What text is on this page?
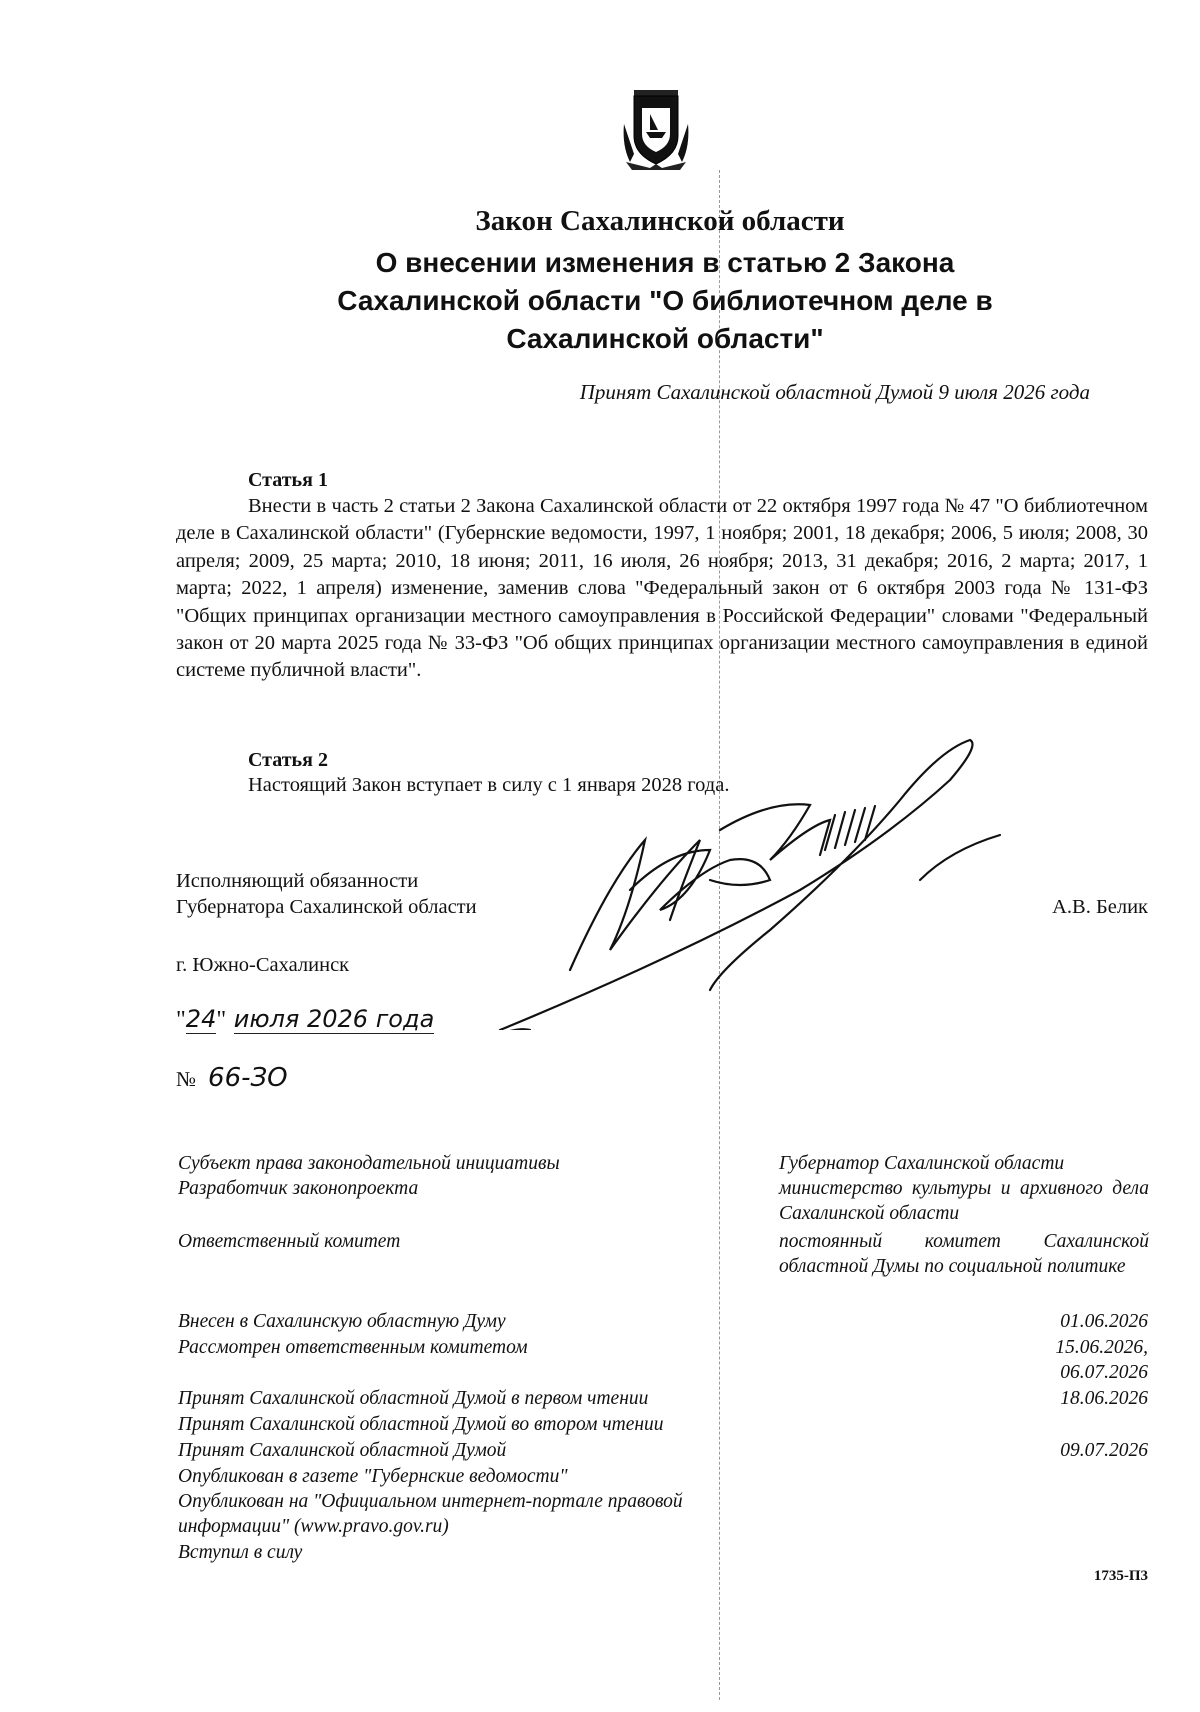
Закон Сахалинской области
О внесении изменения в статью 2 Закона
Сахалинской области "О библиотечном деле в
Сахалинской области"
Принят Сахалинской областной Думой 9 июля 2026 года
Статья 1
Внести в часть 2 статьи 2 Закона Сахалинской области от 22 октября 1997 года № 47 "О библиотечном деле в Сахалинской области" (Губернские ведомости, 1997, 1 ноября; 2001, 18 декабря; 2006, 5 июля; 2008, 30 апреля; 2009, 25 марта; 2010, 18 июня; 2011, 16 июля, 26 ноября; 2013, 31 декабря; 2016, 2 марта; 2017, 1 марта; 2022, 1 апреля) изменение, заменив слова "Федеральный закон от 6 октября 2003 года № 131-ФЗ "Общих принципах организации местного самоуправления в Российской Федерации" словами "Федеральный закон от 20 марта 2025 года № 33-ФЗ "Об общих принципах организации местного самоуправления в единой системе публичной власти".
Статья 2
Настоящий Закон вступает в силу с 1 января 2028 года.
Исполняющий обязанности
Губернатора Сахалинской области	А.В. Белик
г. Южно-Сахалинск
"24" июля 2026 года
№ 66-ЗО
Субъект права законодательной инициативы
Разработчик законопроекта
Ответственный комитет
Внесен в Сахалинскую областную Думу
Рассмотрен ответственным комитетом
Принят Сахалинской областной Думой в первом чтении
Принят Сахалинской областной Думой во втором чтении
Принят Сахалинской областной Думой
Опубликован в газете "Губернские ведомости"
Опубликован на "Официальном интернет-портале правовой
информации" (www.pravo.gov.ru)
Вступил в силу
Губернатор Сахалинской области
министерство культуры и архивного дела Сахалинской области
постоянный комитет Сахалинской областной Думы по социальной политике
01.06.2026
15.06.2026,
06.07.2026
18.06.2026
09.07.2026
1735-П3
